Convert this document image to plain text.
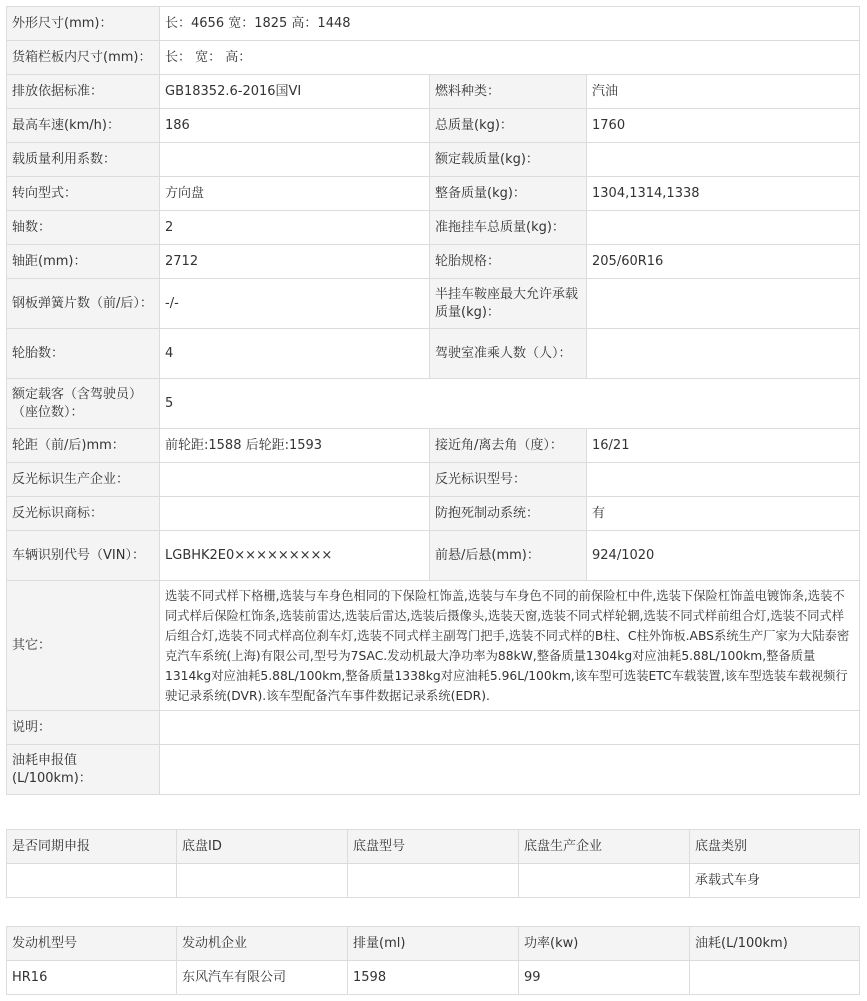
外形尺寸(mm)：	长：4656 宽：1825 高：1448		
货箱栏板内尺寸(mm)：	长： 宽： 高：		
排放依据标准：	GB18352.6-2016国VI	燃料种类：	汽油
最高车速(km/h)：	186	总质量(kg)：	1760
载质量利用系数：		额定载质量(kg)：	
转向型式：	方向盘	整备质量(kg)：	1304,1314,1338
轴数：	2	准拖挂车总质量(kg)：	
轴距(mm)：	2712	轮胎规格：	205/60R16
钢板弹簧片数（前/后）：	-/-	半挂车鞍座最大允许承载质量(kg)：	
轮胎数：	4	驾驶室准乘人数（人）：	
额定载客（含驾驶员）（座位数）：	5		
轮距（前/后)mm：	前轮距:1588 后轮距:1593	接近角/离去角（度）：	16/21
反光标识生产企业：		反光标识型号：	
反光标识商标：		防抱死制动系统：	有
车辆识别代号（VIN）：	LGBHK2E0×××××××××	前悬/后悬(mm)：	924/1020
其它：	选装不同式样下格栅,选装与车身色相同的下保险杠饰盖,选装与车身色不同的前保险杠中件,选装下保险杠饰盖电镀饰条,选装不同式样后保险杠饰条,选装前雷达,选装后雷达,选装后摄像头,选装天窗,选装不同式样轮辋,选装不同式样前组合灯,选装不同式样后组合灯,选装不同式样高位刹车灯,选装不同式样主副驾门把手,选装不同式样的B柱、C柱外饰板.ABS系统生产厂家为大陆泰密克汽车系统(上海)有限公司,型号为7SAC.发动机最大净功率为88kW,整备质量1304kg对应油耗5.88L/100km,整备质量1314kg对应油耗5.88L/100km,整备质量1338kg对应油耗5.96L/100km,该车型可选装ETC车载装置,该车型选装车载视频行驶记录系统(DVR).该车型配备汽车事件数据记录系统(EDR).		
说明：			
油耗申报值(L/100km)：			
是否同期申报	底盘ID	底盘型号	底盘生产企业	底盘类别
				承载式车身
发动机型号	发动机企业	排量(ml)	功率(kw)	油耗(L/100km)
HR16	东风汽车有限公司	1598	99	
